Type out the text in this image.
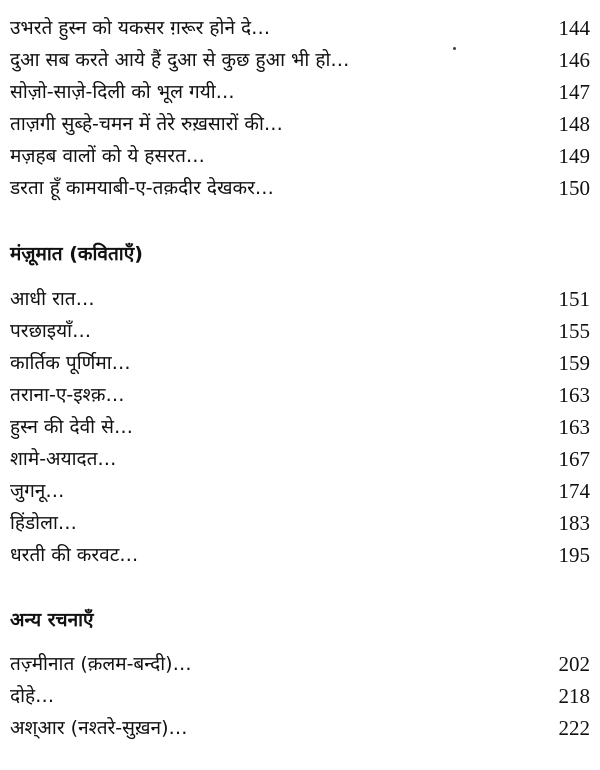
उभरते हुस्न को यकसर ग़रूर होने दे…	144
दुआ सब करते आये हैं दुआ से कुछ हुआ भी हो…	146
सोज़ो-साज़े-दिली को भूल गयी…	147
ताज़गी सुब्हे-चमन में तेरे रुख़सारों की…	148
मज़हब वालों को ये हसरत…	149
डरता हूँ कामयाबी-ए-तक़दीर देखकर…	150
मंज़ूमात (कविताएँ)
आधी रात…	151
परछाइयाँ…	155
कार्तिक पूर्णिमा…	159
तराना-ए-इश्क़…	163
हुस्न की देवी से…	163
शामे-अयादत…	167
जुगनू…	174
हिंडोला…	183
धरती की करवट…	195
अन्य रचनाएँ
तज़्मीनात (क़लम-बन्दी)…	202
दोहे…	218
अश्आर (नश्तरे-सुख़न)…	222
